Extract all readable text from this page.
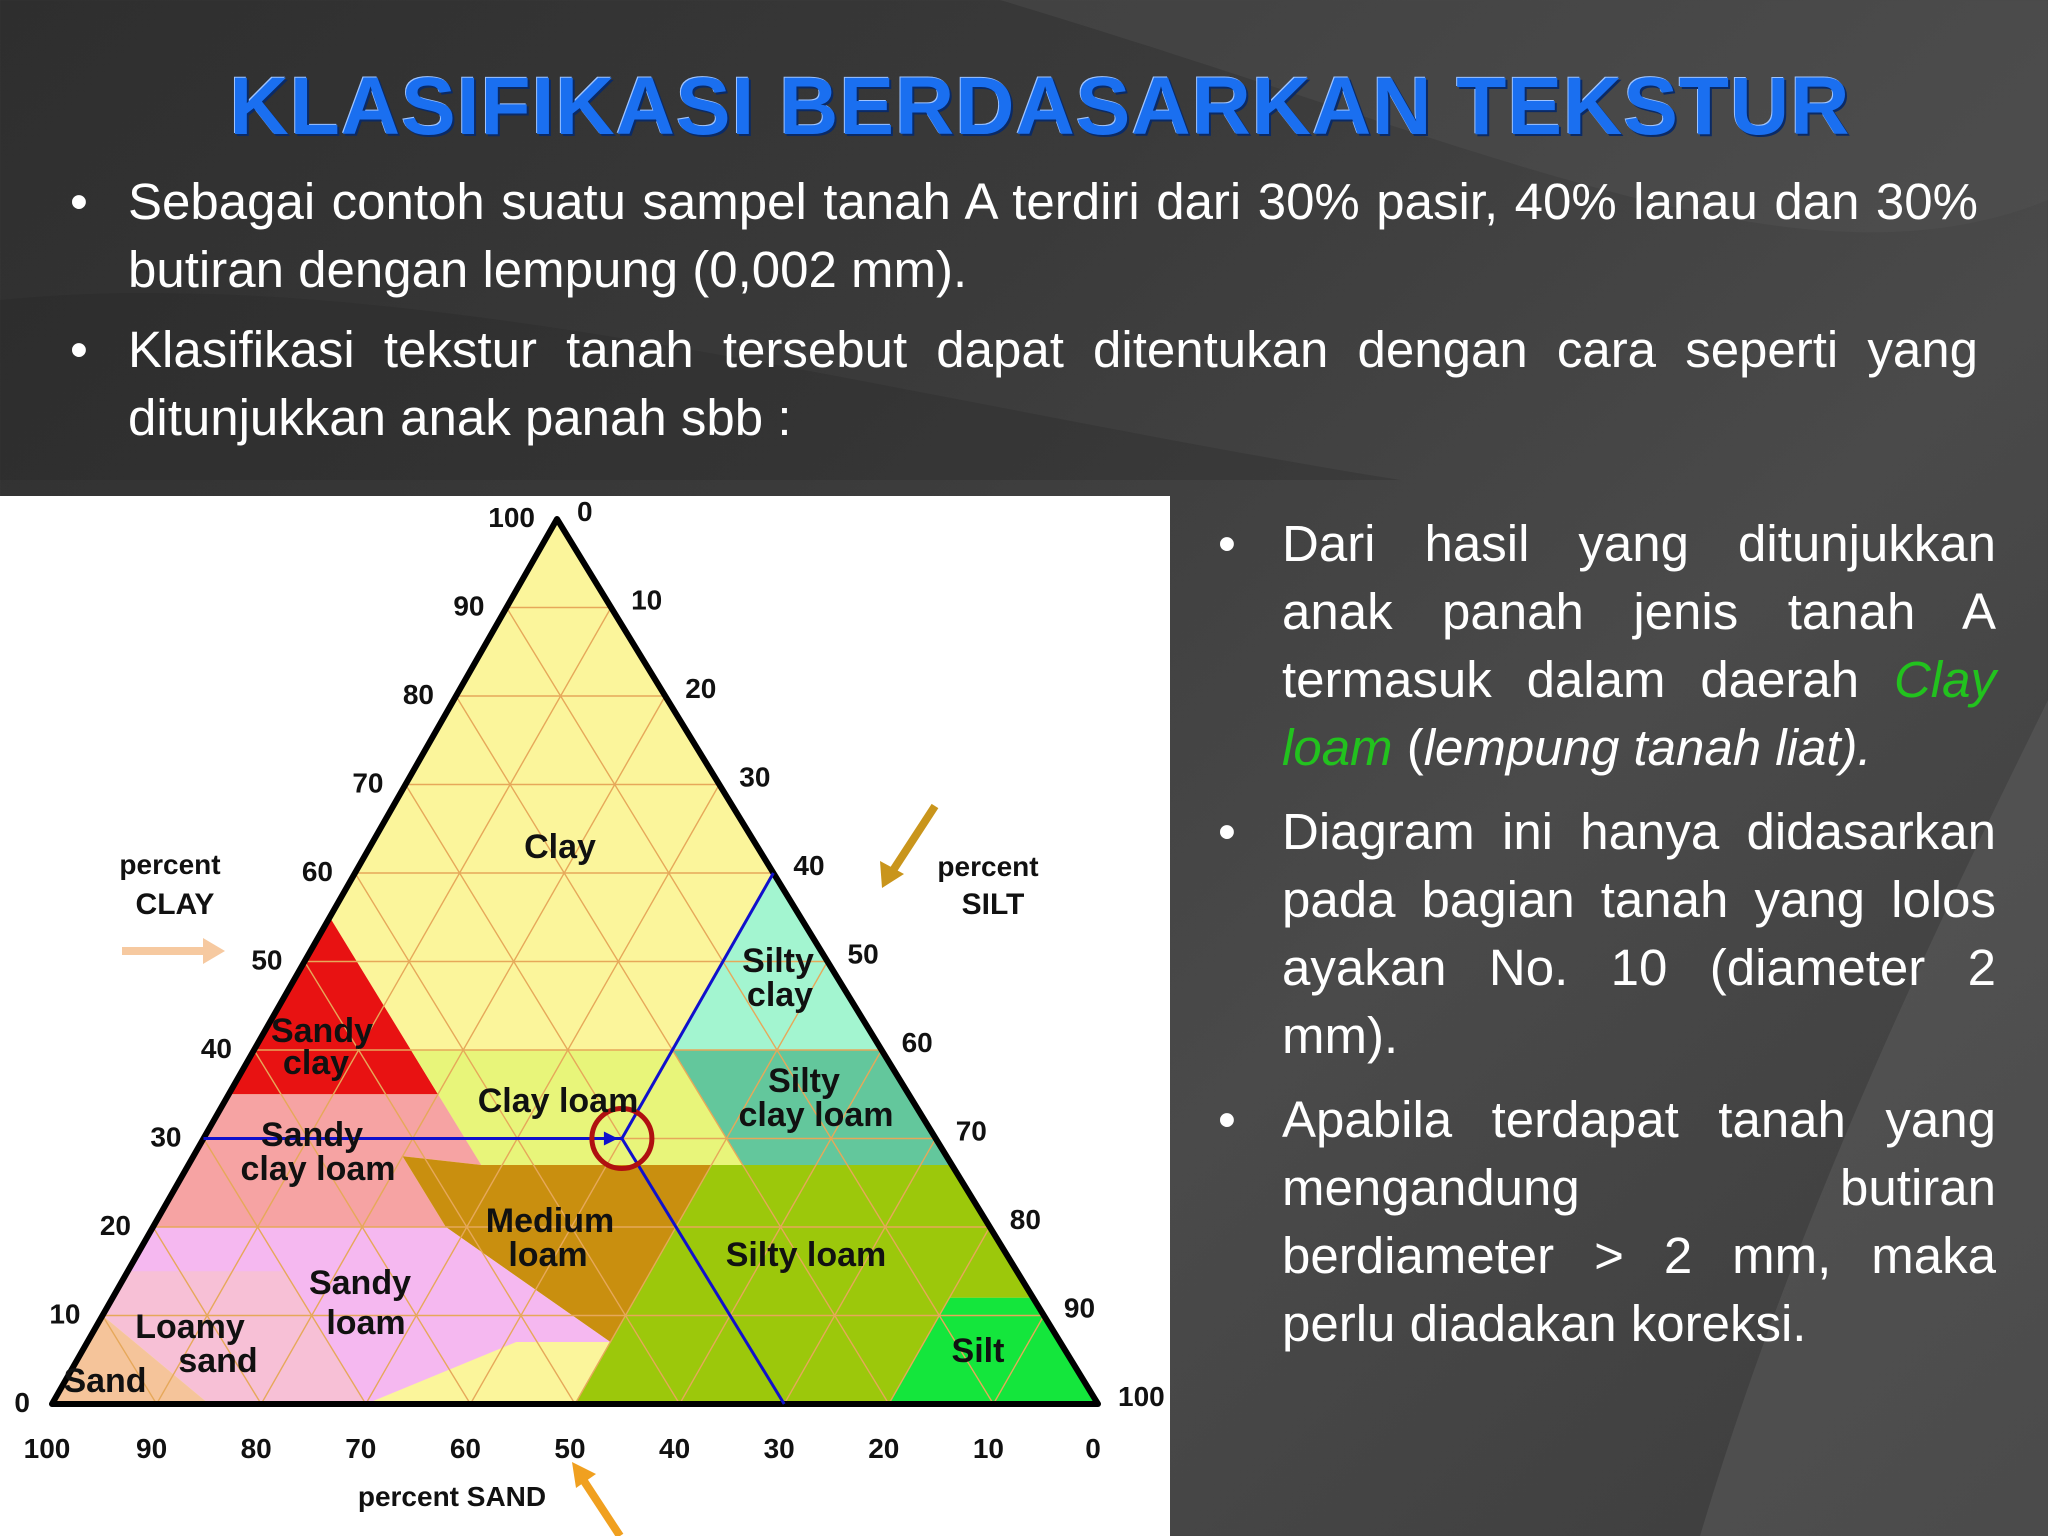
KLASIFIKASI BERDASARKAN TEKSTUR
• Sebagai contoh suatu sampel tanah A terdiri dari 30% pasir, 40% lanau dan 30% butiran dengan lempung (0,002 mm).
• Klasifikasi tekstur tanah tersebut dapat ditentukan dengan cara seperti yang ditunjukkan anak panah sbb :
• Dari hasil yang ditunjukkan anak panah jenis tanah A termasuk dalam daerah Clay loam (lempung tanah liat).
• Diagram ini hanya didasarkan pada bagian tanah yang lolos ayakan No. 10 (diameter 2 mm).
• Apabila terdapat tanah yang mengandung butiran berdiameter > 2 mm, maka perlu diadakan koreksi.
100
90
80
70
60
50
40
30
20
10
0
0
10
20
30
40
50
60
70
80
90
100
100 90	80	70	60	50	40	30	20	10	0
percent
CLAY
percent
SILT
percent SAND
Clay
Sandy
clay
Silty
clay
Clay loam
Sandy
clay loam
Silty
clay loam
Medium
loam	Silty loam
Sandy
loam
Loamy
sand
Sand
Silt
